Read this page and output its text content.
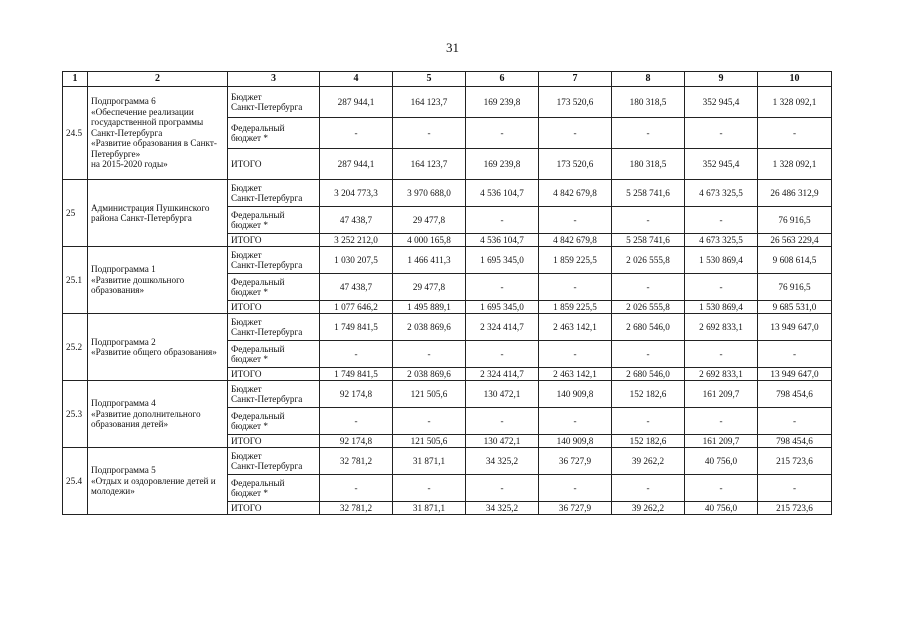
31
1	2	3	4	5	6	7	8	9	10
24.5	Подпрограмма 6
«Обеспечение реализации государственной программы Санкт-Петербурга
«Развитие образования в Санкт-Петербурге»
на 2015-2020 годы»	Бюджет
Санкт-Петербурга	287 944,1	164 123,7	169 239,8	173 520,6	180 318,5	352 945,4	1 328 092,1
		Федеральный
бюджет *	-	-	-	-	-	-	-
		ИТОГО	287 944,1	164 123,7	169 239,8	173 520,6	180 318,5	352 945,4	1 328 092,1
25	Администрация Пушкинского района Санкт-Петербурга	Бюджет
Санкт-Петербурга	3 204 773,3	3 970 688,0	4 536 104,7	4 842 679,8	5 258 741,6	4 673 325,5	26 486 312,9
		Федеральный
бюджет *	47 438,7	29 477,8	-	-	-	-	76 916,5
		ИТОГО	3 252 212,0	4 000 165,8	4 536 104,7	4 842 679,8	5 258 741,6	4 673 325,5	26 563 229,4
25.1	Подпрограмма 1
«Развитие дошкольного образования»	Бюджет
Санкт-Петербурга	1 030 207,5	1 466 411,3	1 695 345,0	1 859 225,5	2 026 555,8	1 530 869,4	9 608 614,5
		Федеральный
бюджет *	47 438,7	29 477,8	-	-	-	-	76 916,5
		ИТОГО	1 077 646,2	1 495 889,1	1 695 345,0	1 859 225,5	2 026 555,8	1 530 869,4	9 685 531,0
25.2	Подпрограмма 2
«Развитие общего образования»	Бюджет
Санкт-Петербурга	1 749 841,5	2 038 869,6	2 324 414,7	2 463 142,1	2 680 546,0	2 692 833,1	13 949 647,0
		Федеральный
бюджет *	-	-	-	-	-	-	-
		ИТОГО	1 749 841,5	2 038 869,6	2 324 414,7	2 463 142,1	2 680 546,0	2 692 833,1	13 949 647,0
25.3	Подпрограмма 4
«Развитие дополнительного образования детей»	Бюджет
Санкт-Петербурга	92 174,8	121 505,6	130 472,1	140 909,8	152 182,6	161 209,7	798 454,6
		Федеральный
бюджет *	-	-	-	-	-	-	-
		ИТОГО	92 174,8	121 505,6	130 472,1	140 909,8	152 182,6	161 209,7	798 454,6
25.4	Подпрограмма 5
«Отдых и оздоровление детей и молодежи»	Бюджет
Санкт-Петербурга	32 781,2	31 871,1	34 325,2	36 727,9	39 262,2	40 756,0	215 723,6
		Федеральный
бюджет *	-	-	-	-	-	-	-
		ИТОГО	32 781,2	31 871,1	34 325,2	36 727,9	39 262,2	40 756,0	215 723,6
